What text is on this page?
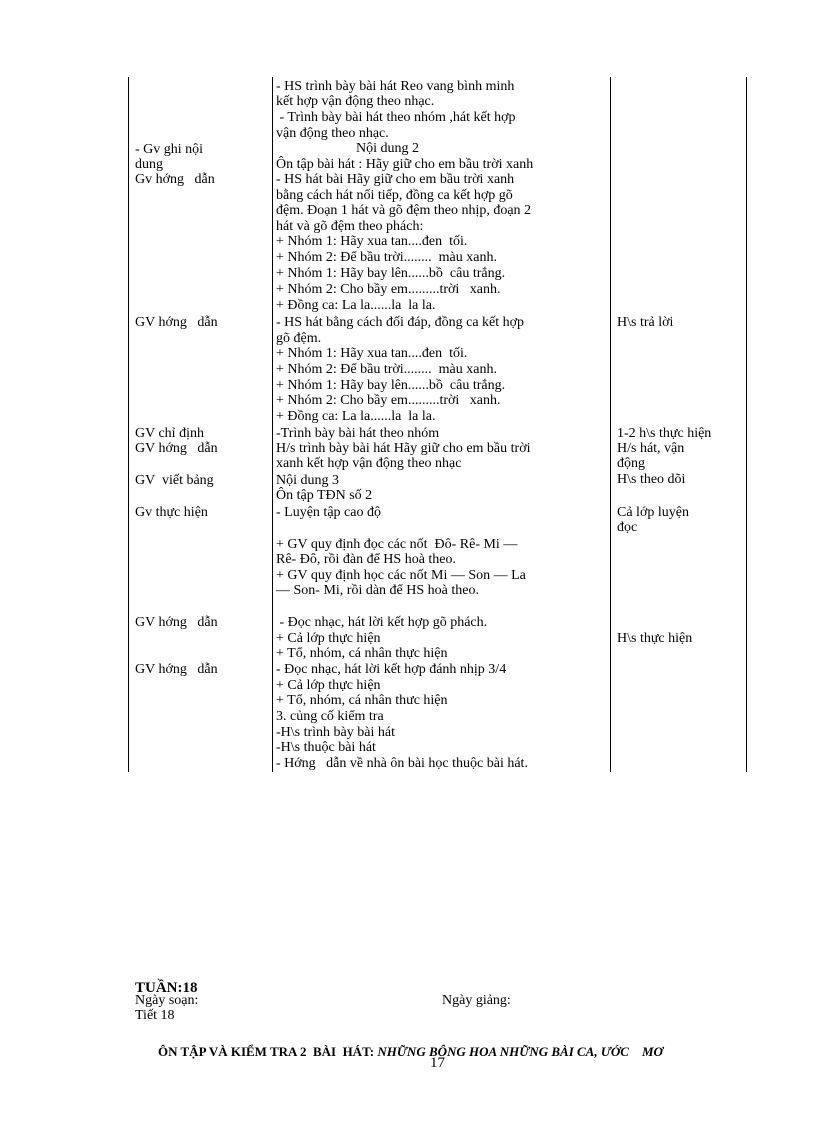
- Gv ghi nội
dung
Gv hớng   dẫn
GV hớng   dẫn
GV chỉ định
GV hớng   dẫn
GV  viết bảng
Gv thực hiện
GV hớng   dẫn
GV hớng   dẫn
- HS trình bày bài hát Reo vang bình minh
kết hợp vận động theo nhạc.
- Trình bày bài hát theo nhóm ,hát kết hợp
vận động theo nhạc.
Nội dung 2
Ôn tập bài hát : Hãy giữ cho em bầu trời xanh
- HS hát bài Hãy giữ cho em bầu trời xanh
bằng cách hát nối tiếp, đồng ca kết hợp gõ
đệm. Đoạn 1 hát và gõ đệm theo nhịp, đoạn 2
hát và gõ đệm theo phách:
+ Nhóm 1: Hãy xua tan....đen  tối.
+ Nhóm 2: Để bầu trời........  màu xanh.
+ Nhóm 1: Hãy bay lên......bồ  câu trắng.
+ Nhóm 2: Cho bầy em.........trời   xanh.
+ Đồng ca: La la......la  la la.
- HS hát bằng cách đối đáp, đồng ca kết hợp
gõ đệm.
+ Nhóm 1: Hãy xua tan....đen  tối.
+ Nhóm 2: Để bầu trời........  màu xanh.
+ Nhóm 1: Hãy bay lên......bồ  câu trắng.
+ Nhóm 2: Cho bầy em.........trời   xanh.
+ Đồng ca: La la......la  la la.
-Trình bày bài hát theo nhóm
H/s trình bày bài hát Hãy giữ cho em bầu trời
xanh kết hợp vận động theo nhạc
Nội dung 3
Ôn tập TĐN số 2
- Luyện tập cao độ
+ GV quy định đọc các nốt  Đô- Rê- Mi —
Rê- Đô, rồi đàn để HS hoà theo.
+ GV quy định học các nốt Mi — Son — La
— Son- Mi, rồi dàn để HS hoà theo.
- Đọc nhạc, hát lời kết hợp gõ phách.
+ Cả lớp thực hiện
+ Tổ, nhóm, cá nhân thực hiện
- Đọc nhạc, hát lời kết hợp đánh nhịp 3/4
+ Cả lớp thực hiện
+ Tổ, nhóm, cá nhân thưc hiện
3. củng cố kiểm tra
-H\s trình bày bài hát
-H\s thuộc bài hát
- Hớng   dẫn về nhà ôn bài học thuộc bài hát.
H\s trả lời
1-2 h\s thực hiện
H/s hát, vận
động
H\s theo dõi
Cả lớp luyện
đọc
H\s thực hiện
TUẦN:18
Ngày soạn:	Ngày giảng:
Tiết 18

ÔN TẬP VÀ KIỂM TRA 2  BÀI  HÁT: NHỮNG BÔNG HOA NHỮNG BÀI CA, ƯỚC    MƠ

17
